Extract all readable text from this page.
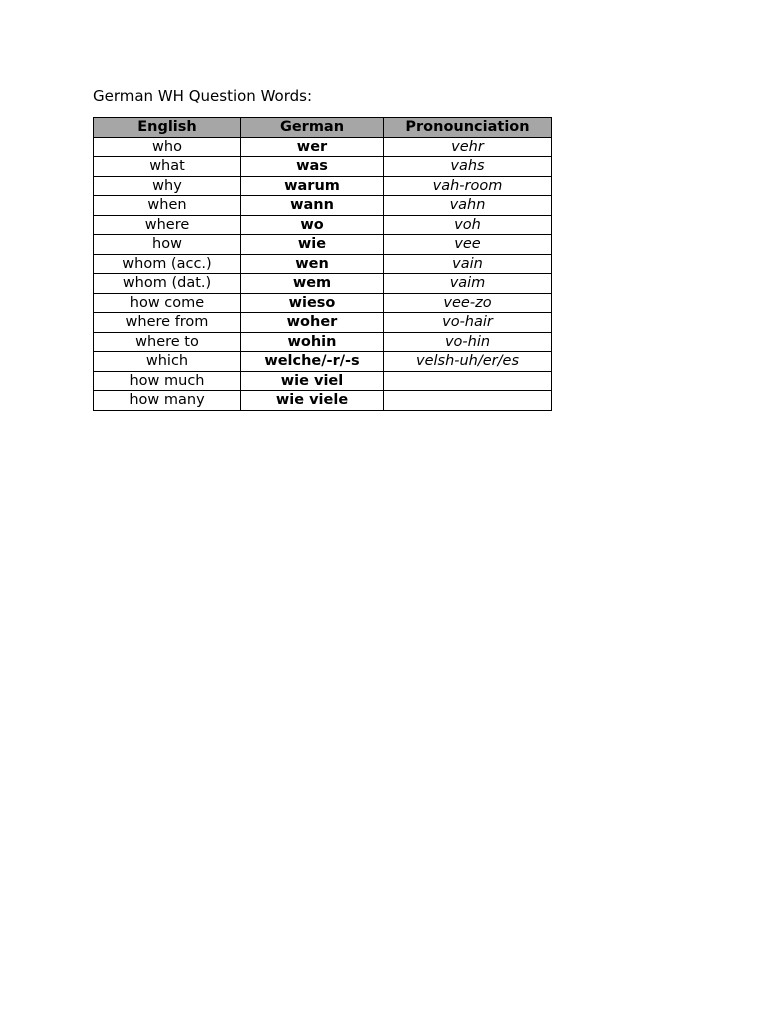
German WH Question Words:
English	German	Pronounciation
who	wer	vehr
what	was	vahs
why	warum	vah-room
when	wann	vahn
where	wo	voh
how	wie	vee
whom (acc.)	wen	vain
whom (dat.)	wem	vaim
how come	wieso	vee-zo
where from	woher	vo-hair
where to	wohin	vo-hin
which	welche/-r/-s	velsh-uh/er/es
how much	wie viel	
how many	wie viele	
